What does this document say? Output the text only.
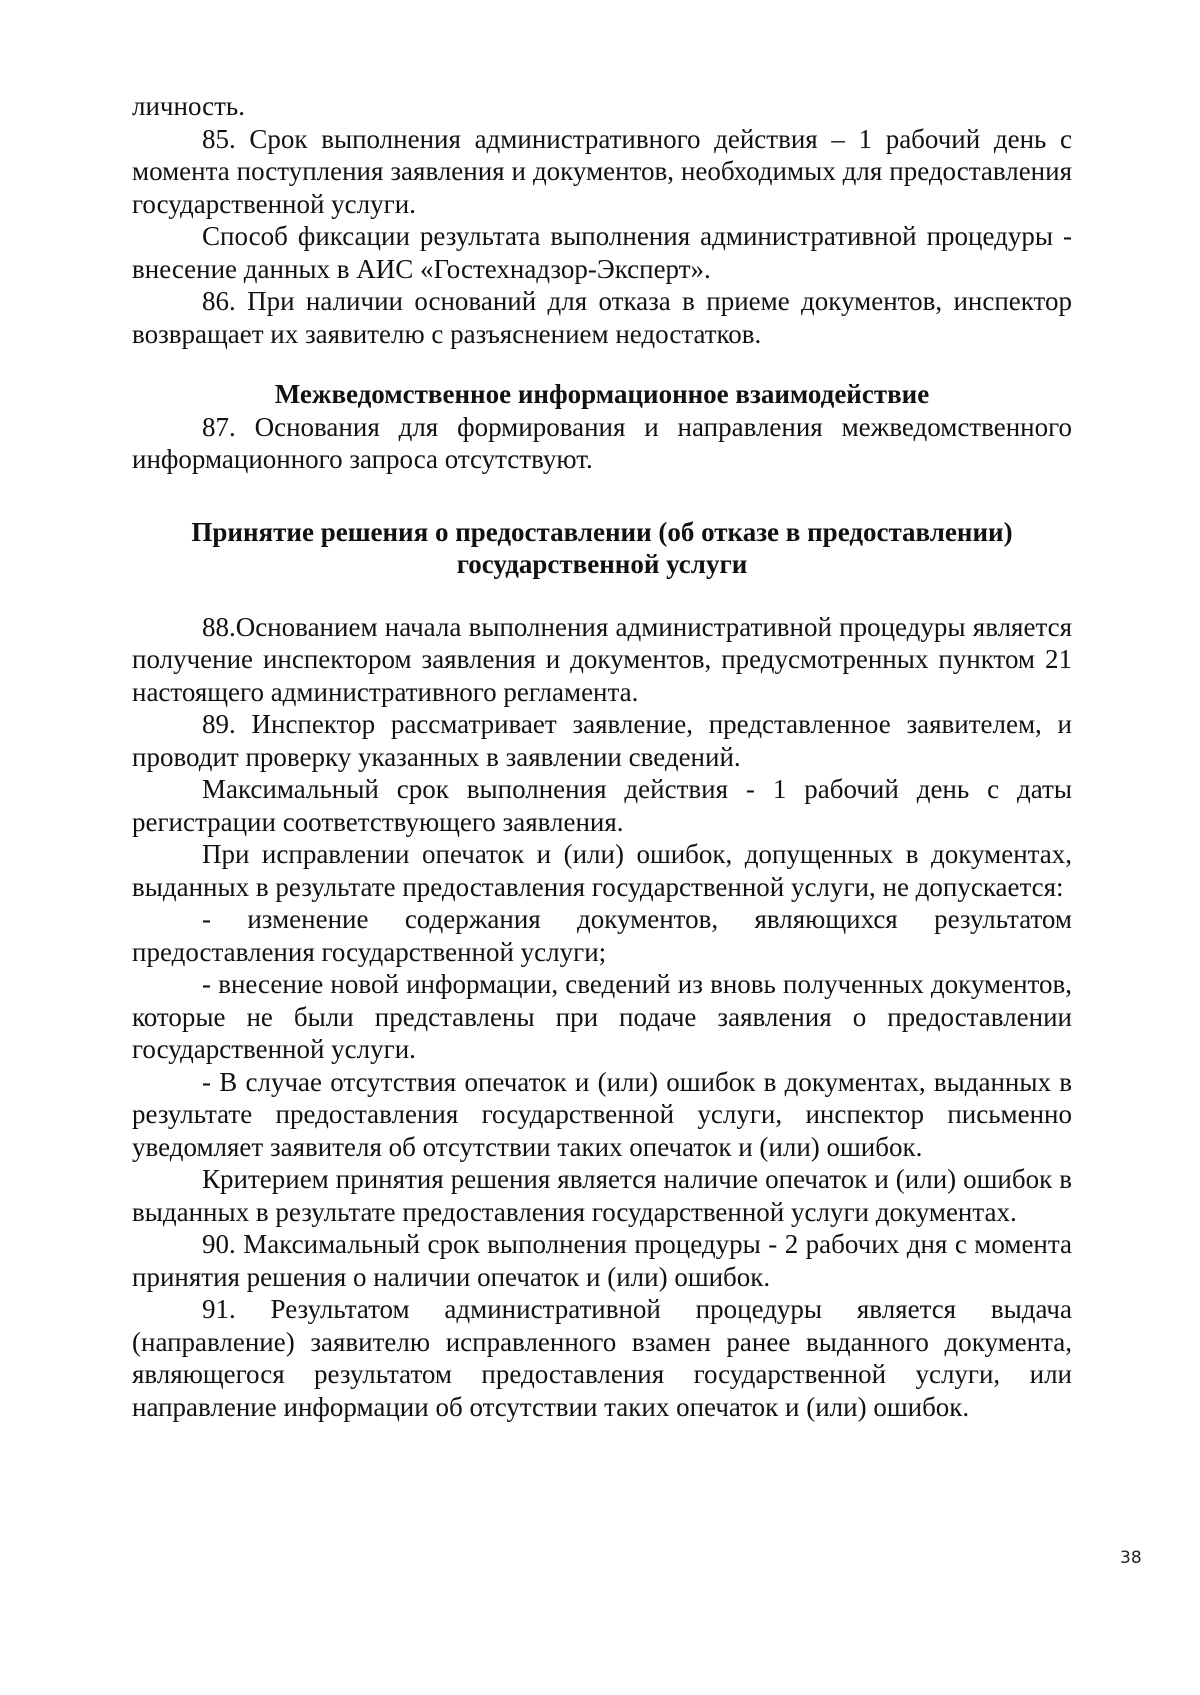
личность.

85. Срок выполнения административного действия – 1 рабочий день с момента поступления заявления и документов, необходимых для предоставления государственной услуги.

Способ фиксации результата выполнения административной процедуры - внесение данных в АИС «Гостехнадзор-Эксперт».

86. При наличии оснований для отказа в приеме документов, инспектор возвращает их заявителю с разъяснением недостатков.

Межведомственное информационное взаимодействие

87. Основания для формирования и направления межведомственного информационного запроса отсутствуют.

Принятие решения о предоставлении (об отказе в предоставлении)

государственной услуги

88.Основанием начала выполнения административной процедуры является получение инспектором заявления и документов, предусмотренных пунктом 21 настоящего административного регламента.

89. Инспектор рассматривает заявление, представленное заявителем, и проводит проверку указанных в заявлении сведений.

Максимальный срок выполнения действия - 1 рабочий день с даты регистрации соответствующего заявления.

При исправлении опечаток и (или) ошибок, допущенных в документах, выданных в результате предоставления государственной услуги, не допускается:

- изменение содержания документов, являющихся результатом предоставления государственной услуги;

- внесение новой информации, сведений из вновь полученных документов, которые не были представлены при подаче заявления о предоставлении государственной услуги.

- В случае отсутствия опечаток и (или) ошибок в документах, выданных в результате предоставления государственной услуги, инспектор письменно уведомляет заявителя об отсутствии таких опечаток и (или) ошибок.

Критерием принятия решения является наличие опечаток и (или) ошибок в выданных в результате предоставления государственной услуги документах.

90. Максимальный срок выполнения процедуры - 2 рабочих дня с момента принятия решения о наличии опечаток и (или) ошибок.

91. Результатом административной процедуры является выдача (направление) заявителю исправленного взамен ранее выданного документа, являющегося результатом предоставления государственной услуги, или направление информации об отсутствии таких опечаток и (или) ошибок.

38
